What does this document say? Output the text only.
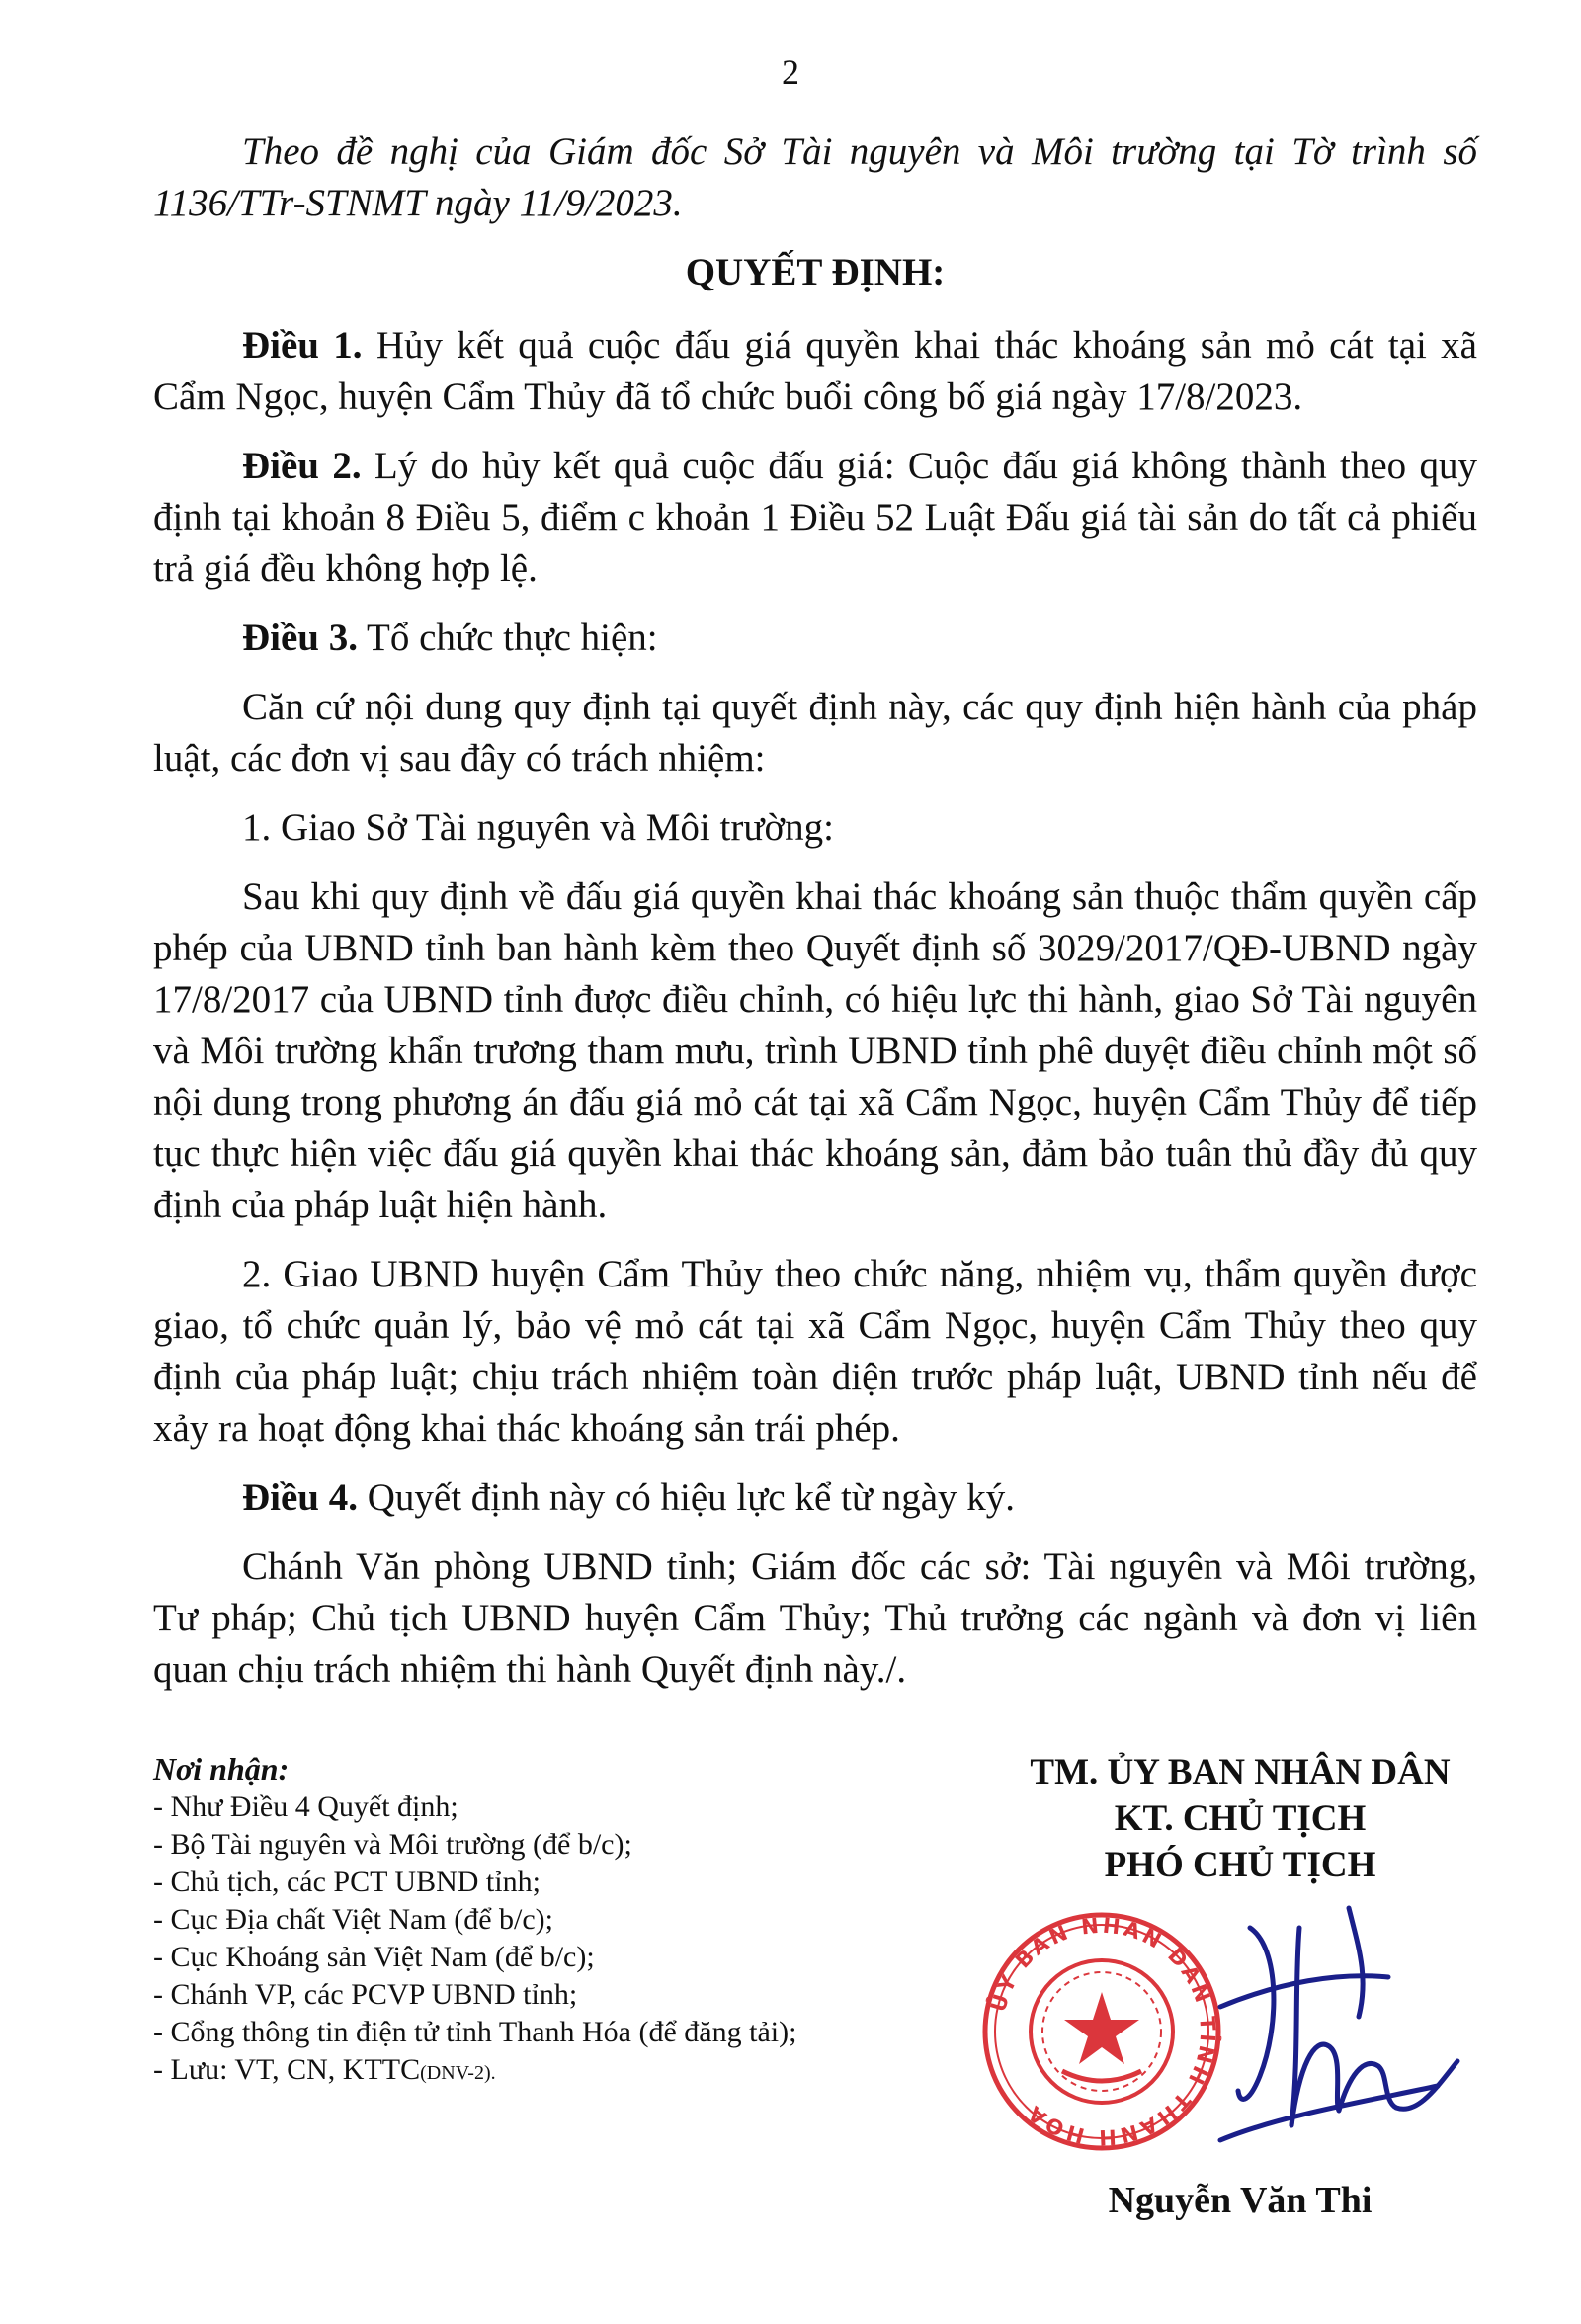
2

Theo đề nghị của Giám đốc Sở Tài nguyên và Môi trường tại Tờ trình số 1136/TTr-STNMT ngày 11/9/2023.

QUYẾT ĐỊNH:

Điều 1. Hủy kết quả cuộc đấu giá quyền khai thác khoáng sản mỏ cát tại xã Cẩm Ngọc, huyện Cẩm Thủy đã tổ chức buổi công bố giá ngày 17/8/2023.

Điều 2. Lý do hủy kết quả cuộc đấu giá: Cuộc đấu giá không thành theo quy định tại khoản 8 Điều 5, điểm c khoản 1 Điều 52 Luật Đấu giá tài sản do tất cả phiếu trả giá đều không hợp lệ.

Điều 3. Tổ chức thực hiện:

Căn cứ nội dung quy định tại quyết định này, các quy định hiện hành của pháp luật, các đơn vị sau đây có trách nhiệm:

1. Giao Sở Tài nguyên và Môi trường:

Sau khi quy định về đấu giá quyền khai thác khoáng sản thuộc thẩm quyền cấp phép của UBND tỉnh ban hành kèm theo Quyết định số 3029/2017/QĐ-UBND ngày 17/8/2017 của UBND tỉnh được điều chỉnh, có hiệu lực thi hành, giao Sở Tài nguyên và Môi trường khẩn trương tham mưu, trình UBND tỉnh phê duyệt điều chỉnh một số nội dung trong phương án đấu giá mỏ cát tại xã Cẩm Ngọc, huyện Cẩm Thủy để tiếp tục thực hiện việc đấu giá quyền khai thác khoáng sản, đảm bảo tuân thủ đầy đủ quy định của pháp luật hiện hành.

2. Giao UBND huyện Cẩm Thủy theo chức năng, nhiệm vụ, thẩm quyền được giao, tổ chức quản lý, bảo vệ mỏ cát tại xã Cẩm Ngọc, huyện Cẩm Thủy theo quy định của pháp luật; chịu trách nhiệm toàn diện trước pháp luật, UBND tỉnh nếu để xảy ra hoạt động khai thác khoáng sản trái phép.

Điều 4. Quyết định này có hiệu lực kể từ ngày ký.

Chánh Văn phòng UBND tỉnh; Giám đốc các sở: Tài nguyên và Môi trường, Tư pháp; Chủ tịch UBND huyện Cẩm Thủy; Thủ trưởng các ngành và đơn vị liên quan chịu trách nhiệm thi hành Quyết định này./.

Nơi nhận:
- Như Điều 4 Quyết định;
- Bộ Tài nguyên và Môi trường (để b/c);
- Chủ tịch, các PCT UBND tỉnh;
- Cục Địa chất Việt Nam (để b/c);
- Cục Khoáng sản Việt Nam (để b/c);
- Chánh VP, các PCVP UBND tỉnh;
- Cổng thông tin điện tử tỉnh Thanh Hóa (để đăng tải);
- Lưu: VT, CN, KTTC(DNV-2).
TM. ỦY BAN NHÂN DÂN
KT. CHỦ TỊCH
PHÓ CHỦ TỊCH
ỦY BAN NHÂN DÂN TỈNH THANH HÓA
Nguyễn Văn Thi
